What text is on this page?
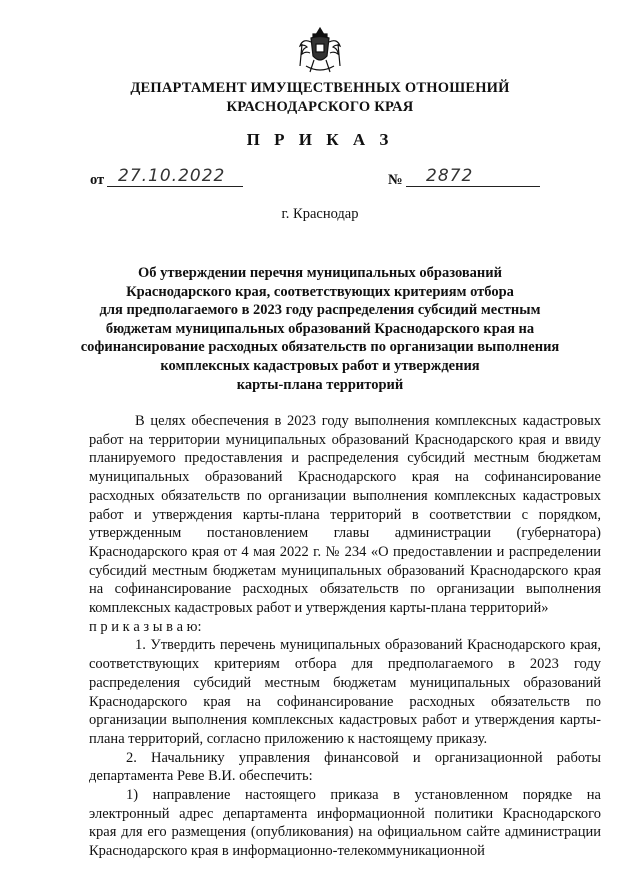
ДЕПАРТАМЕНТ ИМУЩЕСТВЕННЫХ ОТНОШЕНИЙ
КРАСНОДАРСКОГО КРАЯ
П Р И К А З
от 27.10.2022	№ 2872
г. Краснодар
Об утверждении перечня муниципальных образований
Краснодарского края, соответствующих критериям отбора
для предполагаемого в 2023 году распределения субсидий местным
бюджетам муниципальных образований Краснодарского края на
софинансирование расходных обязательств по организации выполнения
комплексных кадастровых работ и утверждения
карты-плана территорий

В целях обеспечения в 2023 году выполнения комплексных кадастровых работ на территории муниципальных образований Краснодарского края и ввиду планируемого предоставления и распределения субсидий местным бюджетам муниципальных образований Краснодарского края на софинансирование расходных обязательств по организации выполнения комплексных кадастровых работ и утверждения карты-плана территорий в соответствии с порядком, утвержденным постановлением главы администрации (губернатора) Краснодарского края от 4 мая 2022 г. № 234 «О предоставлении и распределении субсидий местным бюджетам муниципальных образований Краснодарского края на софинансирование расходных обязательств по организации выполнения комплексных кадастровых работ и утверждения карты-плана территорий»

п р и к а з ы в а ю:

1. Утвердить перечень муниципальных образований Краснодарского края, соответствующих критериям отбора для предполагаемого в 2023 году распределения субсидий местным бюджетам муниципальных образований Краснодарского края на софинансирование расходных обязательств по организации выполнения комплексных кадастровых работ и утверждения карты-плана территорий, согласно приложению к настоящему приказу.

2. Начальнику управления финансовой и организационной работы департамента Реве В.И. обеспечить:

1) направление настоящего приказа в установленном порядке на электронный адрес департамента информационной политики Краснодарского края для его размещения (опубликования) на официальном сайте администрации Краснодарского края в информационно-телекоммуникационной
